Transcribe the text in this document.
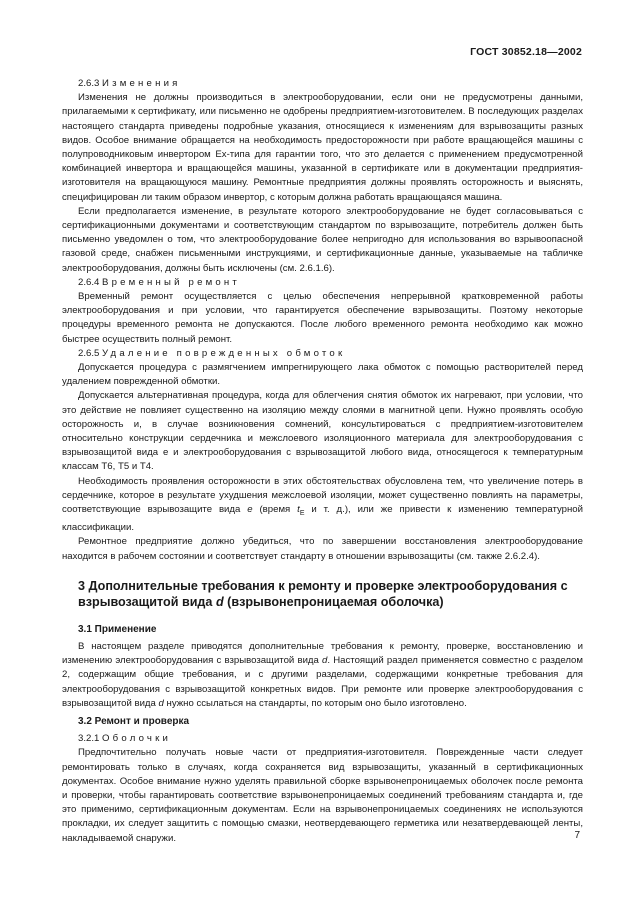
ГОСТ 30852.18—2002
2.6.3 Изменения

Изменения не должны производиться в электрооборудовании, если они не предусмотрены данными, прилагаемыми к сертификату, или письменно не одобрены предприятием-изготовителем. В последующих разделах настоящего стандарта приведены подробные указания, относящиеся к изменениям для взрывозащиты разных видов. Особое внимание обращается на необходимость предосторожности при работе вращающейся машины с полупроводниковым инвертором Ех-типа для гарантии того, что это делается с применением предусмотренной комбинацией инвертора и вращающейся машины, указанной в сертификате или в документации предприятия-изготовителя на вращающуюся машину. Ремонтные предприятия должны проявлять осторожность и выяснять, специфицирован ли таким образом инвертор, с которым должна работать вращающаяся машина.

Если предполагается изменение, в результате которого электрооборудование не будет согласовываться с сертификационными документами и соответствующим стандартом по взрывозащите, потребитель должен быть письменно уведомлен о том, что электрооборудование более непригодно для использования во взрывоопасной газовой среде, снабжен письменными инструкциями, и сертификационные данные, указываемые на табличке электрооборудования, должны быть исключены (см. 2.6.1.6).

2.6.4 Временный ремонт

Временный ремонт осуществляется с целью обеспечения непрерывной кратковременной работы электрооборудования и при условии, что гарантируется обеспечение взрывозащиты. Поэтому некоторые процедуры временного ремонта не допускаются. После любого временного ремонта необходимо как можно быстрее осуществить полный ремонт.

2.6.5 Удаление поврежденных обмоток

Допускается процедура с размягчением импрегнирующего лака обмоток с помощью растворителей перед удалением поврежденной обмотки.

Допускается альтернативная процедура, когда для облегчения снятия обмоток их нагревают, при условии, что это действие не повлияет существенно на изоляцию между слоями в магнитной цепи. Нужно проявлять особую осторожность и, в случае возникновения сомнений, консультироваться с предприятием-изготовителем относительно конструкции сердечника и межслоевого изоляционного материала для электрооборудования с взрывозащитой вида е и электрооборудования с взрывозащитой любого вида, относящегося к температурным классам Т6, Т5 и Т4.

Необходимость проявления осторожности в этих обстоятельствах обусловлена тем, что увеличение потерь в сердечнике, которое в результате ухудшения межслоевой изоляции, может существенно повлиять на параметры, соответствующие взрывозащите вида е (время $t_E$ и т. д.), или же привести к изменению температурной классификации.

Ремонтное предприятие должно убедиться, что по завершении восстановления электрооборудование находится в рабочем состоянии и соответствует стандарту в отношении взрывозащиты (см. также 2.6.2.4).

3 Дополнительные требования к ремонту и проверке электрооборудования с взрывозащитой вида d (взрывонепроницаемая оболочка)
3.1 Применение

В настоящем разделе приводятся дополнительные требования к ремонту, проверке, восстановлению и изменению электрооборудования с взрывозащитой вида d. Настоящий раздел применяется совместно с разделом 2, содержащим общие требования, и с другими разделами, содержащими конкретные требования для электрооборудования с взрывозащитой конкретных видов. При ремонте или проверке электрооборудования с взрывозащитой вида d нужно ссылаться на стандарты, по которым оно было изготовлено.

3.2 Ремонт и проверка
3.2.1 Оболочки

Предпочтительно получать новые части от предприятия-изготовителя. Поврежденные части следует ремонтировать только в случаях, когда сохраняется вид взрывозащиты, указанный в сертификационных документах. Особое внимание нужно уделять правильной сборке взрывонепроницаемых оболочек после ремонта и проверки, чтобы гарантировать соответствие взрывонепроницаемых соединений требованиям стандарта и, где это применимо, сертификационным документам. Если на взрывонепроницаемых соединениях не используются прокладки, их следует защитить с помощью смазки, неотвердевающего герметика или незатвердевающей ленты, накладываемой снаружи.	7
